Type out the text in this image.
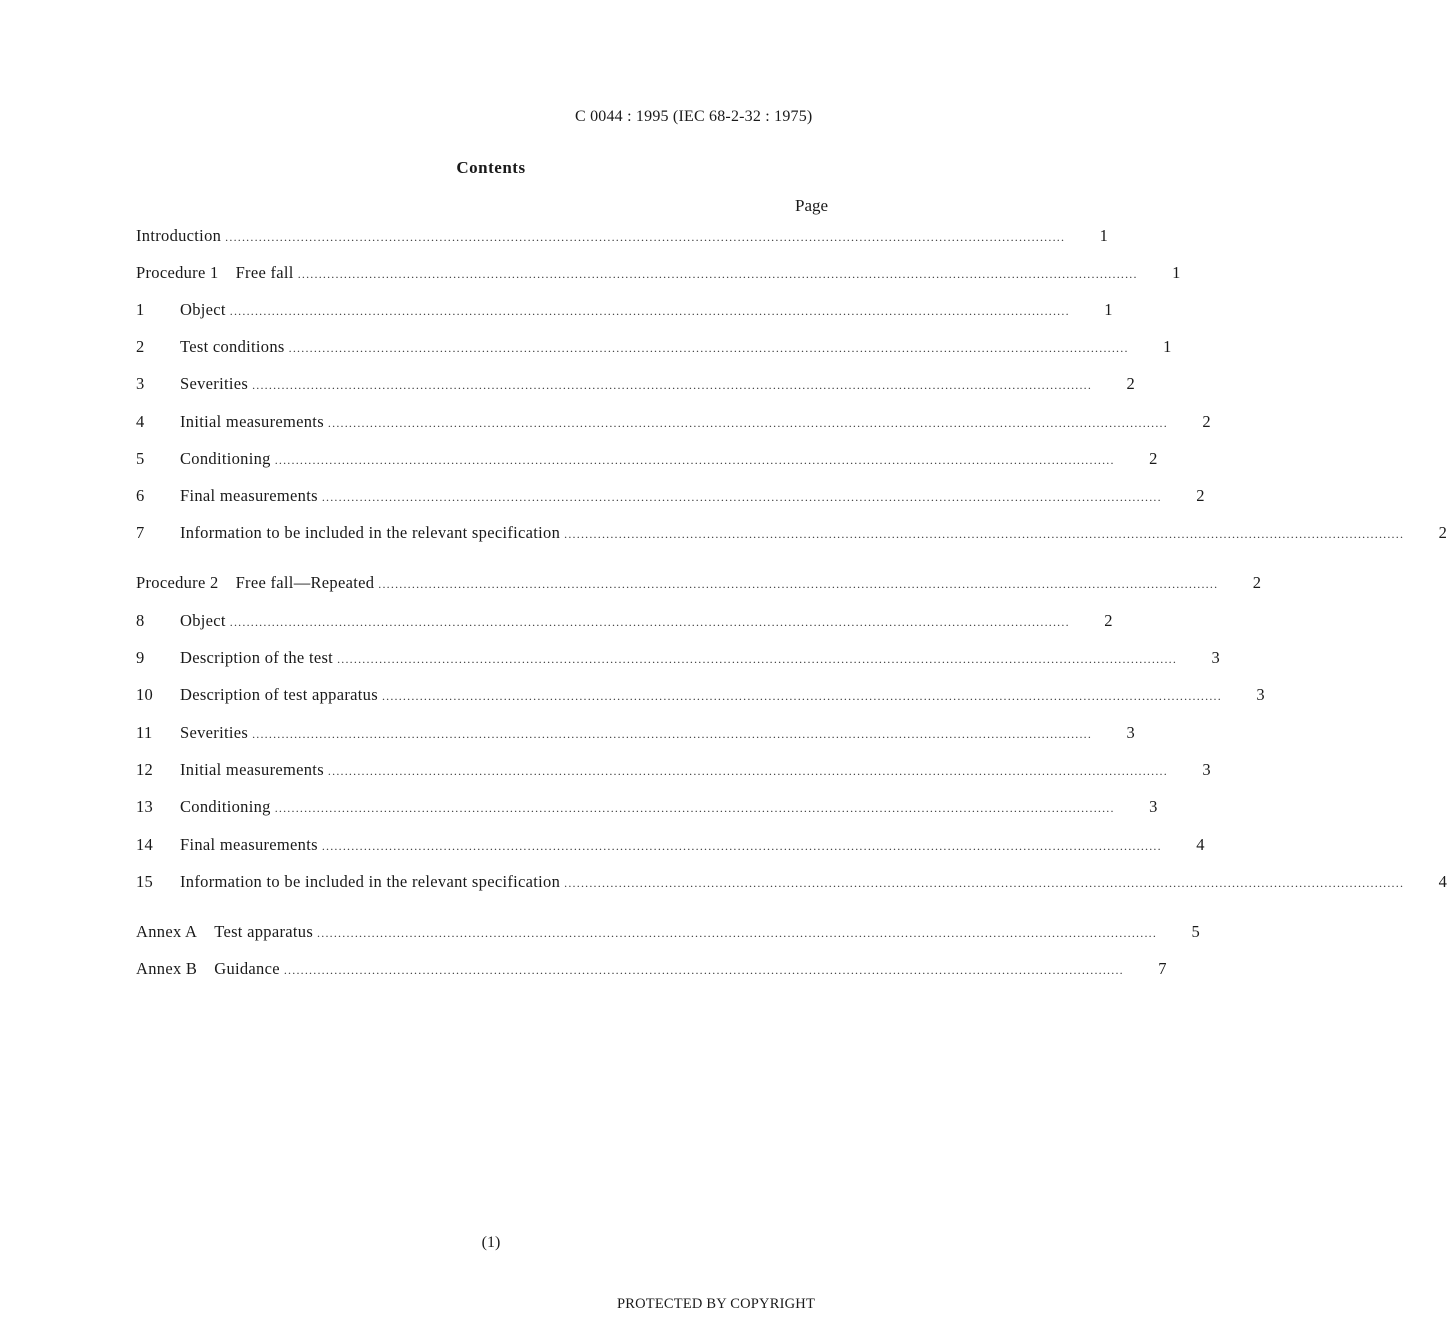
C 0044 : 1995 (IEC 68-2-32 : 1975)
Contents
Page
Introduction ........................................................................................................................................................................................................	1
Procedure 1 Free fall ........................................................................................................................................................................................................	1
1	Object ........................................................................................................................................................................................................	1
2	Test conditions ........................................................................................................................................................................................................	1
3	Severities ........................................................................................................................................................................................................	2
4	Initial measurements ........................................................................................................................................................................................................	2
5	Conditioning ........................................................................................................................................................................................................	2
6	Final measurements ........................................................................................................................................................................................................	2
7	Information to be included in the relevant specification ........................................................................................................................................................................................................	2
Procedure 2 Free fall—Repeated ........................................................................................................................................................................................................	2
8	Object ........................................................................................................................................................................................................	2
9	Description of the test ........................................................................................................................................................................................................	3
10	Description of test apparatus ........................................................................................................................................................................................................	3
11	Severities ........................................................................................................................................................................................................	3
12	Initial measurements ........................................................................................................................................................................................................	3
13	Conditioning ........................................................................................................................................................................................................	3
14	Final measurements ........................................................................................................................................................................................................	4
15	Information to be included in the relevant specification ........................................................................................................................................................................................................	4
Annex A Test apparatus ........................................................................................................................................................................................................	5
Annex B Guidance ........................................................................................................................................................................................................	7
(1)
PROTECTED BY COPYRIGHT
